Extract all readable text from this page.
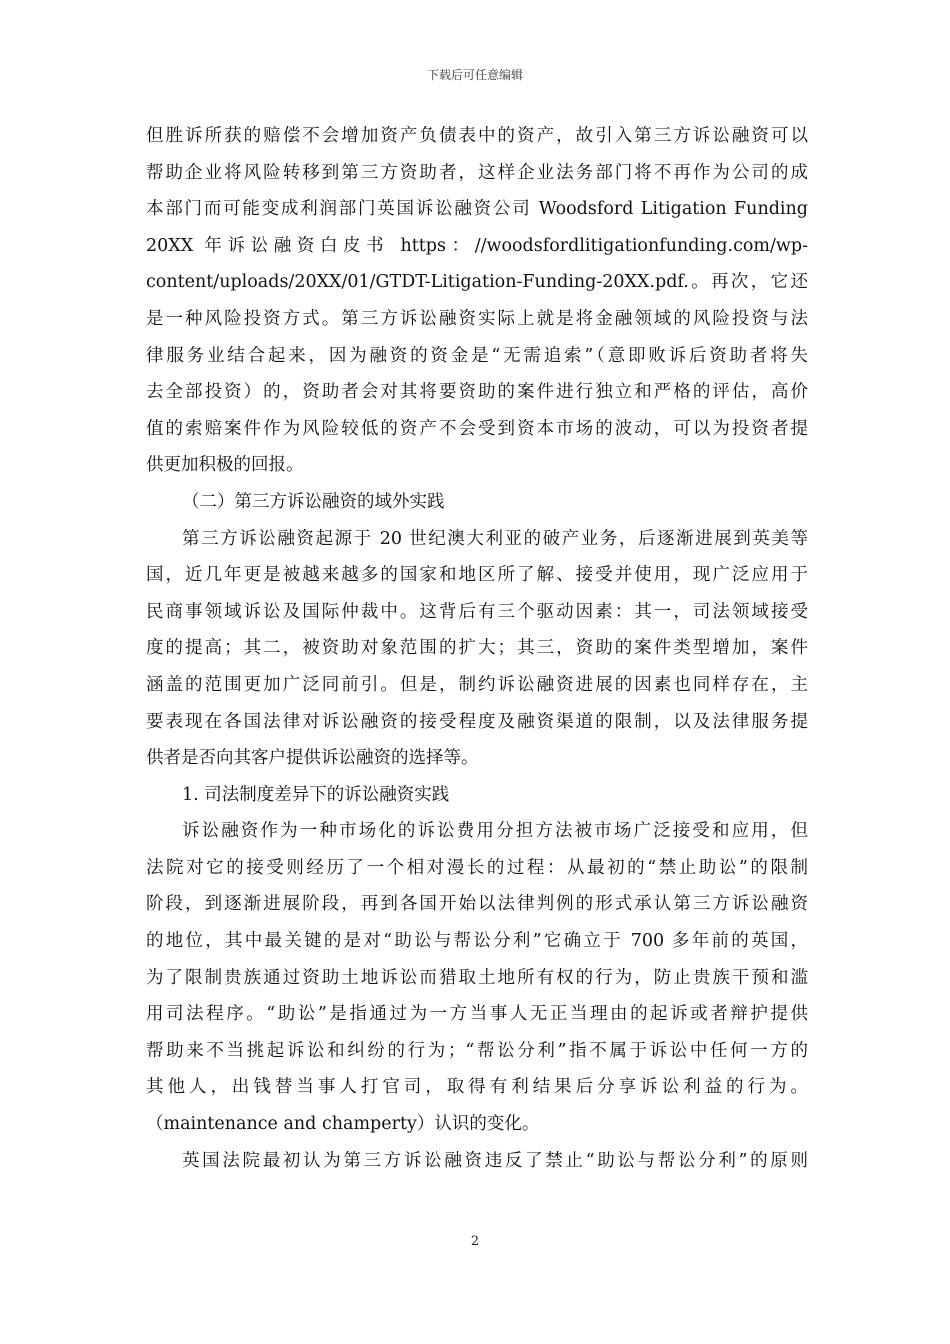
下载后可任意编辑
但胜诉所获的赔偿不会增加资产负债表中的资产，故引入第三方诉讼融资可以
帮助企业将风险转移到第三方资助者，这样企业法务部门将不再作为公司的成
本部门而可能变成利润部门英国诉讼融资公司 Woodsford Litigation Funding
20XX 年诉讼融资白皮书 https：//woodsfordlitigationfunding.com/wp-
content/uploads/20XX/01/GTDT-Litigation-Funding-20XX.pdf.。再次，它还
是一种风险投资方式。第三方诉讼融资实际上就是将金融领域的风险投资与法
律服务业结合起来，因为融资的资金是“无需追索”（意即败诉后资助者将失
去全部投资）的，资助者会对其将要资助的案件进行独立和严格的评估，高价
值的索赔案件作为风险较低的资产不会受到资本市场的波动，可以为投资者提
供更加积极的回报。
（二）第三方诉讼融资的域外实践
第三方诉讼融资起源于 20 世纪澳大利亚的破产业务，后逐渐进展到英美等
国，近几年更是被越来越多的国家和地区所了解、接受并使用，现广泛应用于
民商事领域诉讼及国际仲裁中。这背后有三个驱动因素：其一，司法领域接受
度的提高；其二，被资助对象范围的扩大；其三，资助的案件类型增加，案件
涵盖的范围更加广泛同前引。但是，制约诉讼融资进展的因素也同样存在，主
要表现在各国法律对诉讼融资的接受程度及融资渠道的限制，以及法律服务提
供者是否向其客户提供诉讼融资的选择等。
1. 司法制度差异下的诉讼融资实践
诉讼融资作为一种市场化的诉讼费用分担方法被市场广泛接受和应用，但
法院对它的接受则经历了一个相对漫长的过程：从最初的“禁止助讼”的限制
阶段，到逐渐进展阶段，再到各国开始以法律判例的形式承认第三方诉讼融资
的地位，其中最关键的是对“助讼与帮讼分利”它确立于 700 多年前的英国，
为了限制贵族通过资助土地诉讼而猎取土地所有权的行为，防止贵族干预和滥
用司法程序。“助讼”是指通过为一方当事人无正当理由的起诉或者辩护提供
帮助来不当挑起诉讼和纠纷的行为；“帮讼分利”指不属于诉讼中任何一方的
其他人，出钱替当事人打官司，取得有利结果后分享诉讼利益的行为。
（maintenance and champerty）认识的变化。
英国法院最初认为第三方诉讼融资违反了禁止“助讼与帮讼分利”的原则
2
